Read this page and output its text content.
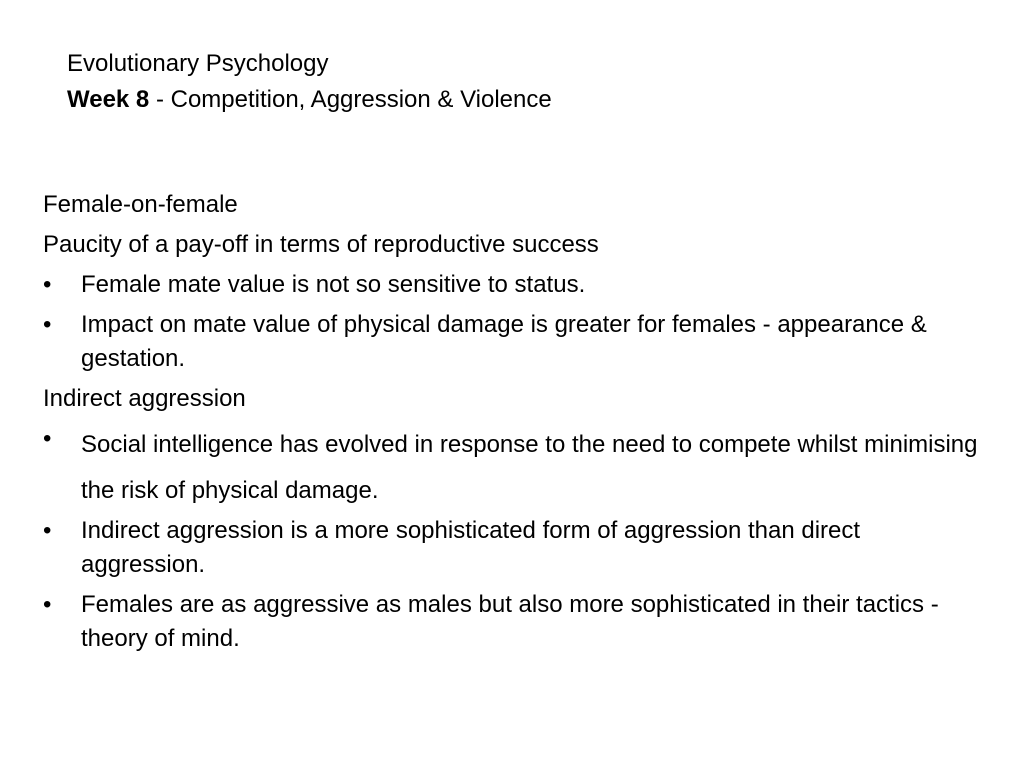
Evolutionary Psychology
Week 8 - Competition, Aggression & Violence
Female-on-female
Paucity of a pay-off in terms of reproductive success
•	Female mate value is not so sensitive to status.
•	Impact on mate value of physical damage is greater for females - appearance & gestation.
Indirect aggression
•	Social intelligence has evolved in response to the need to compete whilst minimising the risk of physical damage.
•	Indirect aggression is a more sophisticated form of aggression than direct aggression.
•	Females are as aggressive as males but also more sophisticated in their tactics - theory of mind.
